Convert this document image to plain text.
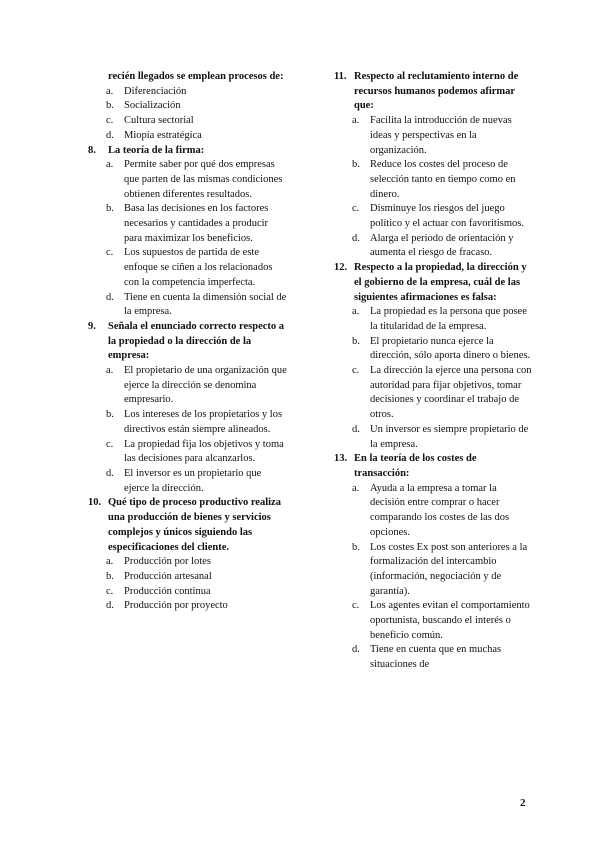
recién llegados se emplean procesos de:
a.	Diferenciación
b. Socialización
c.	Cultura sectorial
d. Miopía estratégica
8.	La teoría de la firma:
a.	Permite saber por qué dos empresas que parten de las mismas condiciones obtienen diferentes resultados.
b. Basa las decisiones en los factores necesarios y cantidades a producir para maximizar los beneficios.
c.	Los supuestos de partida de este enfoque se ciñen a los relacionados con la competencia imperfecta.
d. Tiene en cuenta la dimensión social de la empresa.
9.	Señala el enunciado correcto respecto a la propiedad o la dirección de la empresa:
a.	El propietario de una organización que ejerce la dirección se denomina empresario.
b. Los intereses de los propietarios y los directivos están siempre alineados.
c.	La propiedad fija los objetivos y toma las decisiones para alcanzarlos.
d. El inversor es un propietario que ejerce la dirección.
10. Qué tipo de proceso productivo realiza una producción de bienes y servicios complejos y únicos siguiendo las especificaciones del cliente.
a.	Producción por lotes
b. Producción artesanal
c.	Producción continua
d. Producción por proyecto
11. Respecto al reclutamiento interno de recursos humanos podemos afirmar que:
a.	Facilita la introducción de nuevas ideas y perspectivas en la organización.
b. Reduce los costes del proceso de selección tanto en tiempo como en dinero.
c.	Disminuye los riesgos del juego político y el actuar con favoritismos.
d. Alarga el periodo de orientación y aumenta el riesgo de fracaso.
12. Respecto a la propiedad, la dirección y el gobierno de la empresa, cuál de las siguientes afirmaciones es falsa:
a.	La propiedad es la persona que posee la titularidad de la empresa.
b. El propietario nunca ejerce la dirección, sólo aporta dinero o bienes.
c.	La dirección la ejerce una persona con autoridad para fijar objetivos, tomar decisiones y coordinar el trabajo de otros.
d. Un inversor es siempre propietario de la empresa.
13. En la teoría de los costes de transacción:
a.	Ayuda a la empresa a tomar la decisión entre comprar o hacer comparando los costes de las dos opciones.
b. Los costes Ex post son anteriores a la formalización del intercambio (información, negociación y de garantía).
c.	Los agentes evitan el comportamiento oportunista, buscando el interés o beneficio común.
d. Tiene en cuenta que en muchas situaciones de
2
